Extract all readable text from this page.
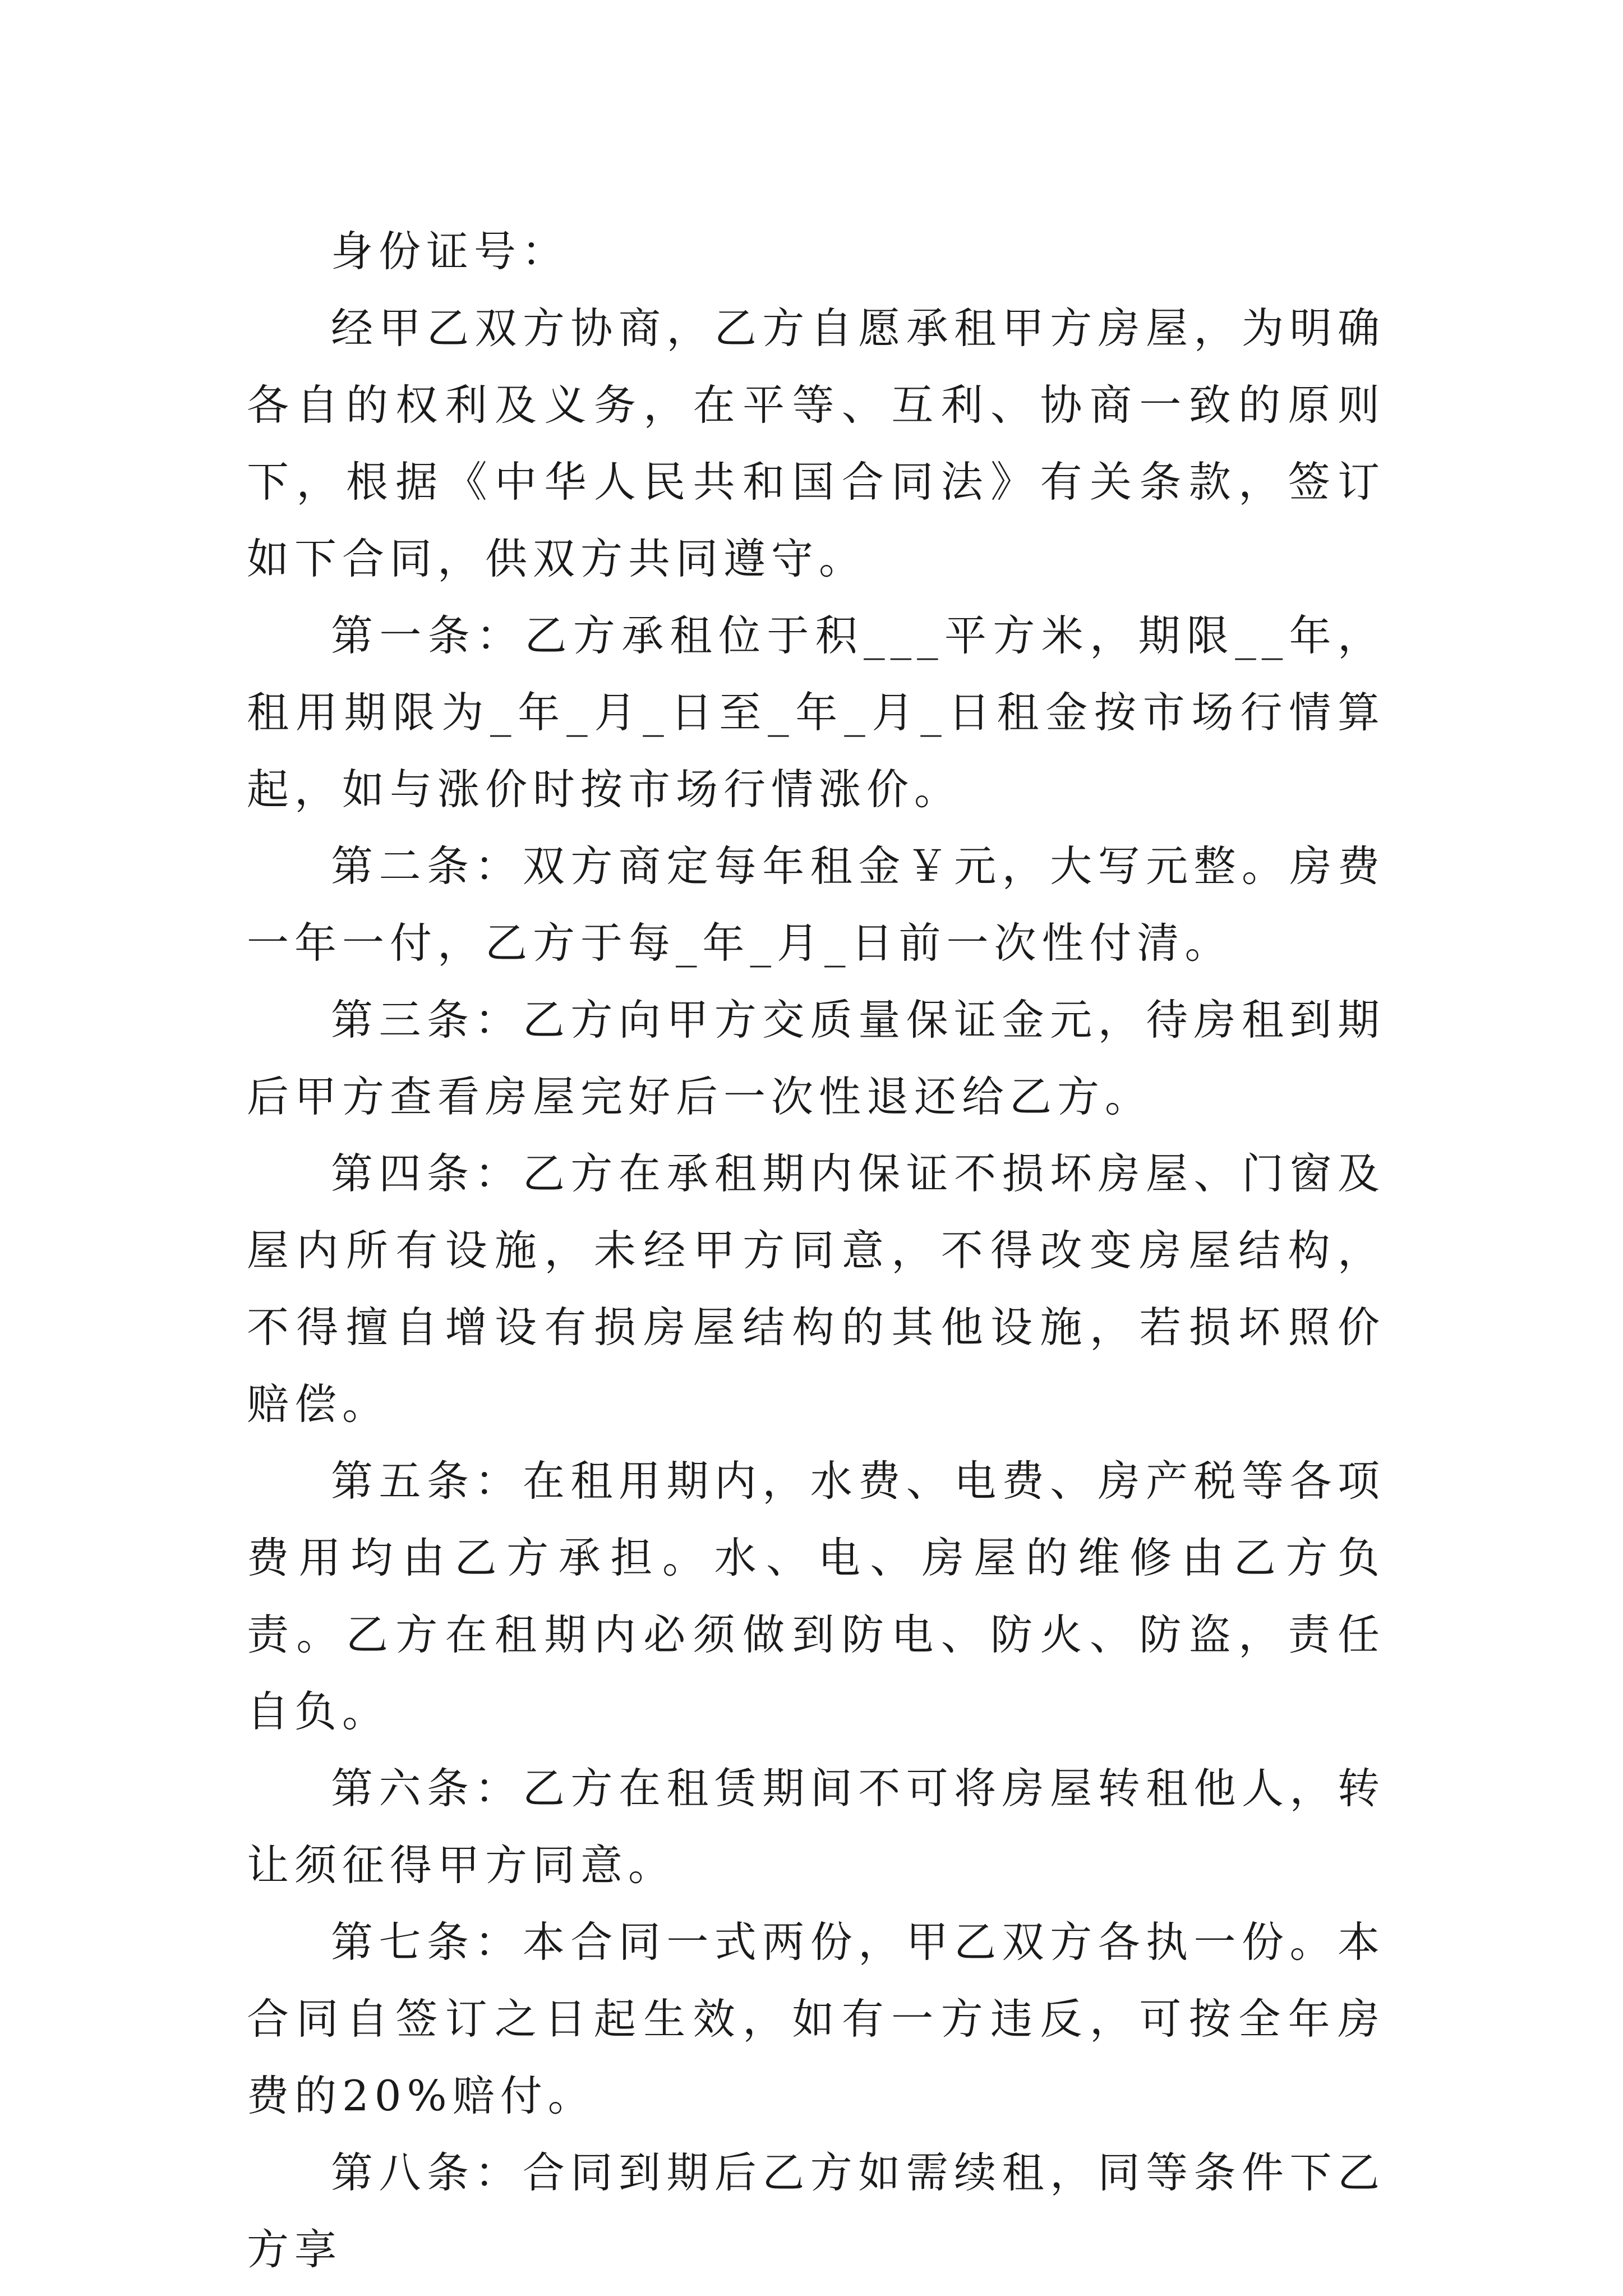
身份证号：

经甲乙双方协商，乙方自愿承租甲方房屋，为明确各自的权利及义务，在平等、互利、协商一致的原则下，根据《中华人民共和国合同法》有关条款，签订如下合同，供双方共同遵守。

第一条：乙方承租位于积___平方米，期限__年，租用期限为_年_月_日至_年_月_日租金按市场行情算起，如与涨价时按市场行情涨价。

第二条：双方商定每年租金￥元，大写元整。房费一年一付，乙方于每_年_月_日前一次性付清。

第三条：乙方向甲方交质量保证金元，待房租到期后甲方查看房屋完好后一次性退还给乙方。

第四条：乙方在承租期内保证不损坏房屋、门窗及屋内所有设施，未经甲方同意，不得改变房屋结构，不得擅自增设有损房屋结构的其他设施，若损坏照价赔偿。

第五条：在租用期内，水费、电费、房产税等各项费用均由乙方承担。水、电、房屋的维修由乙方负责。乙方在租期内必须做到防电、防火、防盗，责任自负。

第六条：乙方在租赁期间不可将房屋转租他人，转让须征得甲方同意。

第七条：本合同一式两份，甲乙双方各执一份。本合同自签订之日起生效，如有一方违反，可按全年房费的20%赔付。

第八条：合同到期后乙方如需续租，同等条件下乙方享
